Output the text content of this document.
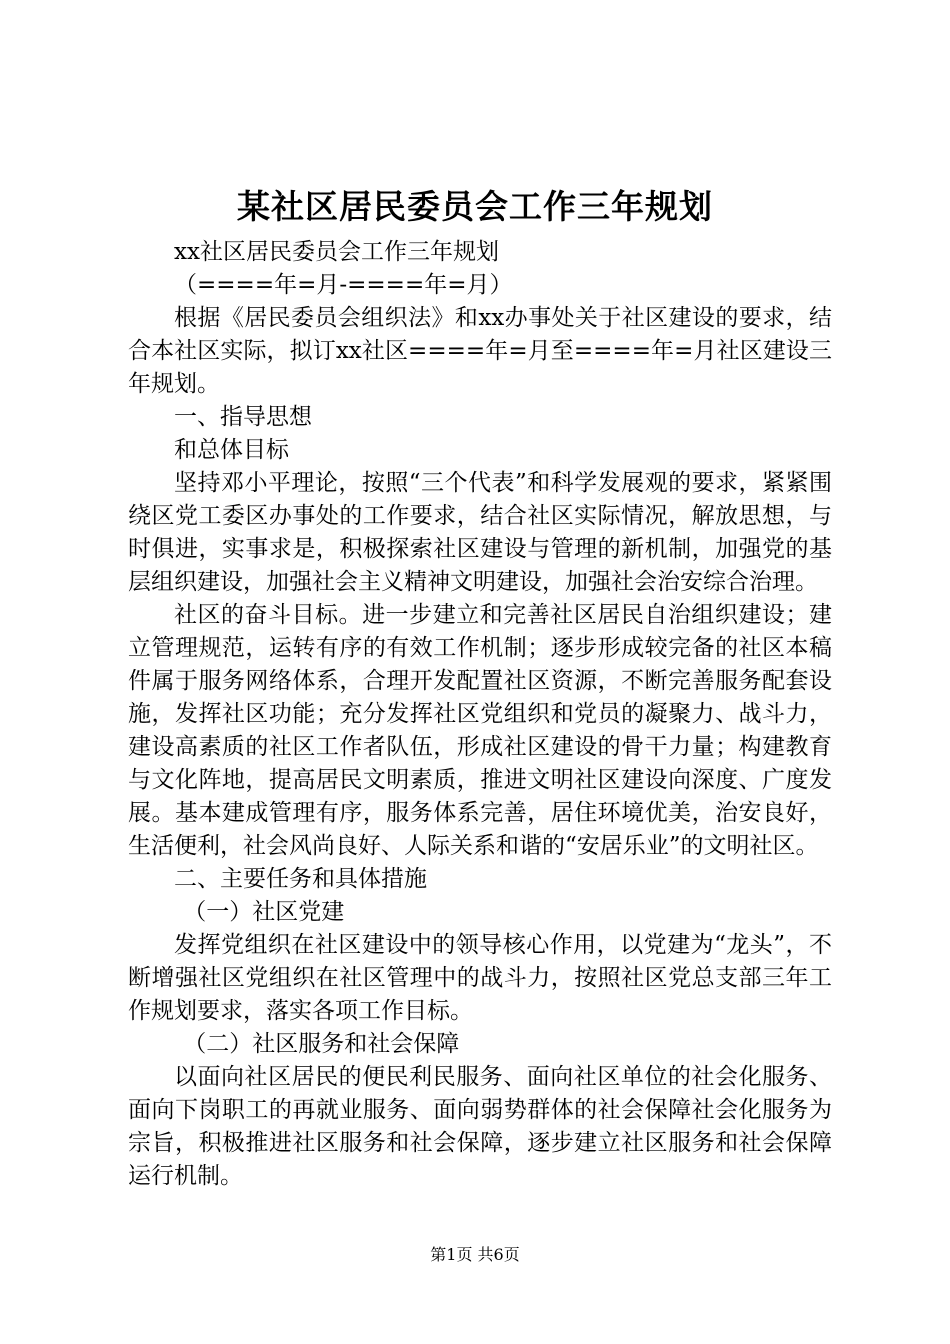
某社区居民委员会工作三年规划

xx社区居民委员会工作三年规划

（====年=月-====年=月）

根据《居民委员会组织法》和xx办事处关于社区建设的要求，结合本社区实际，拟订xx社区====年=月至====年=月社区建设三年规划。

一、指导思想

和总体目标

坚持邓小平理论，按照“三个代表”和科学发展观的要求，紧紧围绕区党工委区办事处的工作要求，结合社区实际情况，解放思想，与时俱进，实事求是，积极探索社区建设与管理的新机制，加强党的基层组织建设，加强社会主义精神文明建设，加强社会治安综合治理。

社区的奋斗目标。进一步建立和完善社区居民自治组织建设；建立管理规范，运转有序的有效工作机制；逐步形成较完备的社区本稿件属于服务网络体系，合理开发配置社区资源，不断完善服务配套设施，发挥社区功能；充分发挥社区党组织和党员的凝聚力、战斗力，建设高素质的社区工作者队伍，形成社区建设的骨干力量；构建教育与文化阵地，提高居民文明素质，推进文明社区建设向深度、广度发展。基本建成管理有序，服务体系完善，居住环境优美，治安良好，生活便利，社会风尚良好、人际关系和谐的“安居乐业”的文明社区。

二、主要任务和具体措施

（一）社区党建

发挥党组织在社区建设中的领导核心作用，以党建为“龙头”，不断增强社区党组织在社区管理中的战斗力，按照社区党总支部三年工作规划要求，落实各项工作目标。

（二）社区服务和社会保障

以面向社区居民的便民利民服务、面向社区单位的社会化服务、面向下岗职工的再就业服务、面向弱势群体的社会保障社会化服务为宗旨，积极推进社区服务和社会保障，逐步建立社区服务和社会保障运行机制。

第1页 共6页
